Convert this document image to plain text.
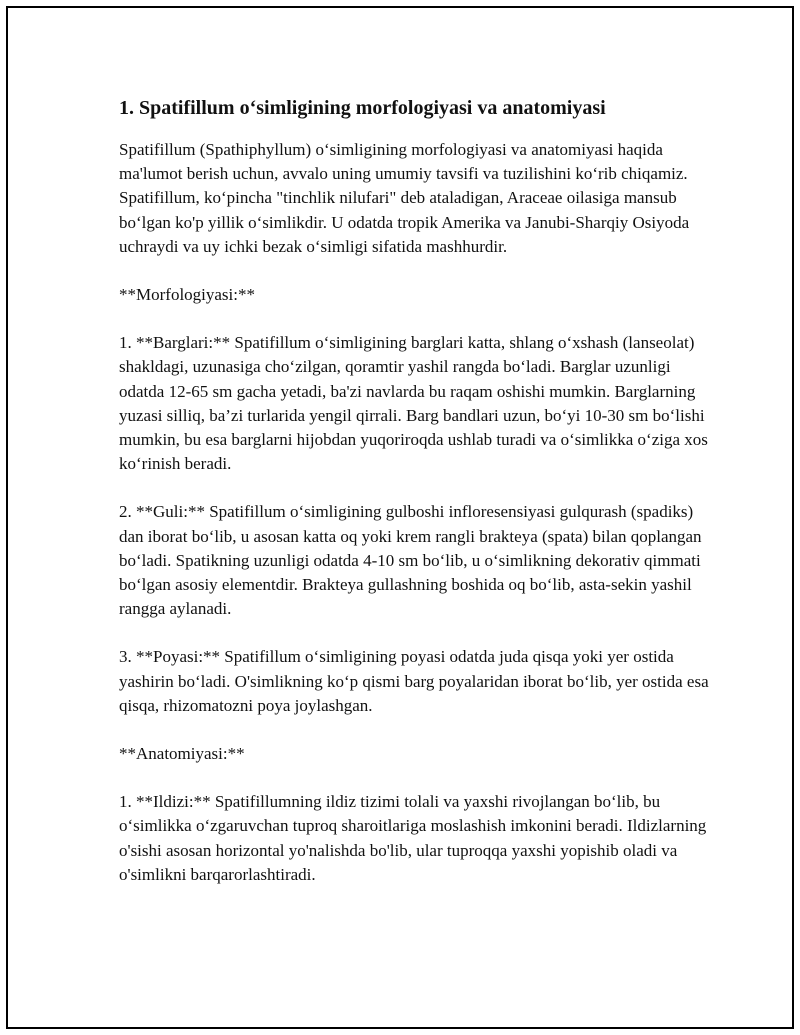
1. Spatifillum o‘simligining morfologiyasi va anatomiyasi

Spatifillum (Spathiphyllum) o‘simligining morfologiyasi va anatomiyasi haqida ma'lumot berish uchun, avvalo uning umumiy tavsifi va tuzilishini ko‘rib chiqamiz. Spatifillum, ko‘pincha "tinchlik nilufari" deb ataladigan, Araceae oilasiga mansub bo‘lgan ko'p yillik o‘simlikdir. U odatda tropik Amerika va Janubi-Sharqiy Osiyoda uchraydi va uy ichki bezak o‘simligi sifatida mashhurdir.

**Morfologiyasi:**

1. **Barglari:** Spatifillum o‘simligining barglari katta, shlang o‘xshash (lanseolat) shakldagi, uzunasiga cho‘zilgan, qoramtir yashil rangda bo‘ladi. Barglar uzunligi odatda 12-65 sm gacha yetadi, ba'zi navlarda bu raqam oshishi mumkin. Barglarning yuzasi silliq, ba’zi turlarida yengil qirrali. Barg bandlari uzun, bo‘yi 10-30 sm bo‘lishi mumkin, bu esa barglarni hijobdan yuqoriroqda ushlab turadi va o‘simlikka o‘ziga xos ko‘rinish beradi.

2. **Guli:** Spatifillum o‘simligining gulboshi infloresensiyasi gulqurash (spadiks) dan iborat bo‘lib, u asosan katta oq yoki krem rangli brakteya (spata) bilan qoplangan bo‘ladi. Spatikning uzunligi odatda 4-10 sm bo‘lib, u o‘simlikning dekorativ qimmati bo‘lgan asosiy elementdir. Brakteya gullashning boshida oq bo‘lib, asta-sekin yashil rangga aylanadi.

3. **Poyasi:** Spatifillum o‘simligining poyasi odatda juda qisqa yoki yer ostida yashirin bo‘ladi. O'simlikning ko‘p qismi barg poyalaridan iborat bo‘lib, yer ostida esa qisqa, rhizomatozni poya joylashgan.

**Anatomiyasi:**

1. **Ildizi:** Spatifillumning ildiz tizimi tolali va yaxshi rivojlangan bo‘lib, bu o‘simlikka o‘zgaruvchan tuproq sharoitlariga moslashish imkonini beradi. Ildizlarning o'sishi asosan horizontal yo'nalishda bo'lib, ular tuproqqa yaxshi yopishib oladi va o'simlikni barqarorlashtiradi.
